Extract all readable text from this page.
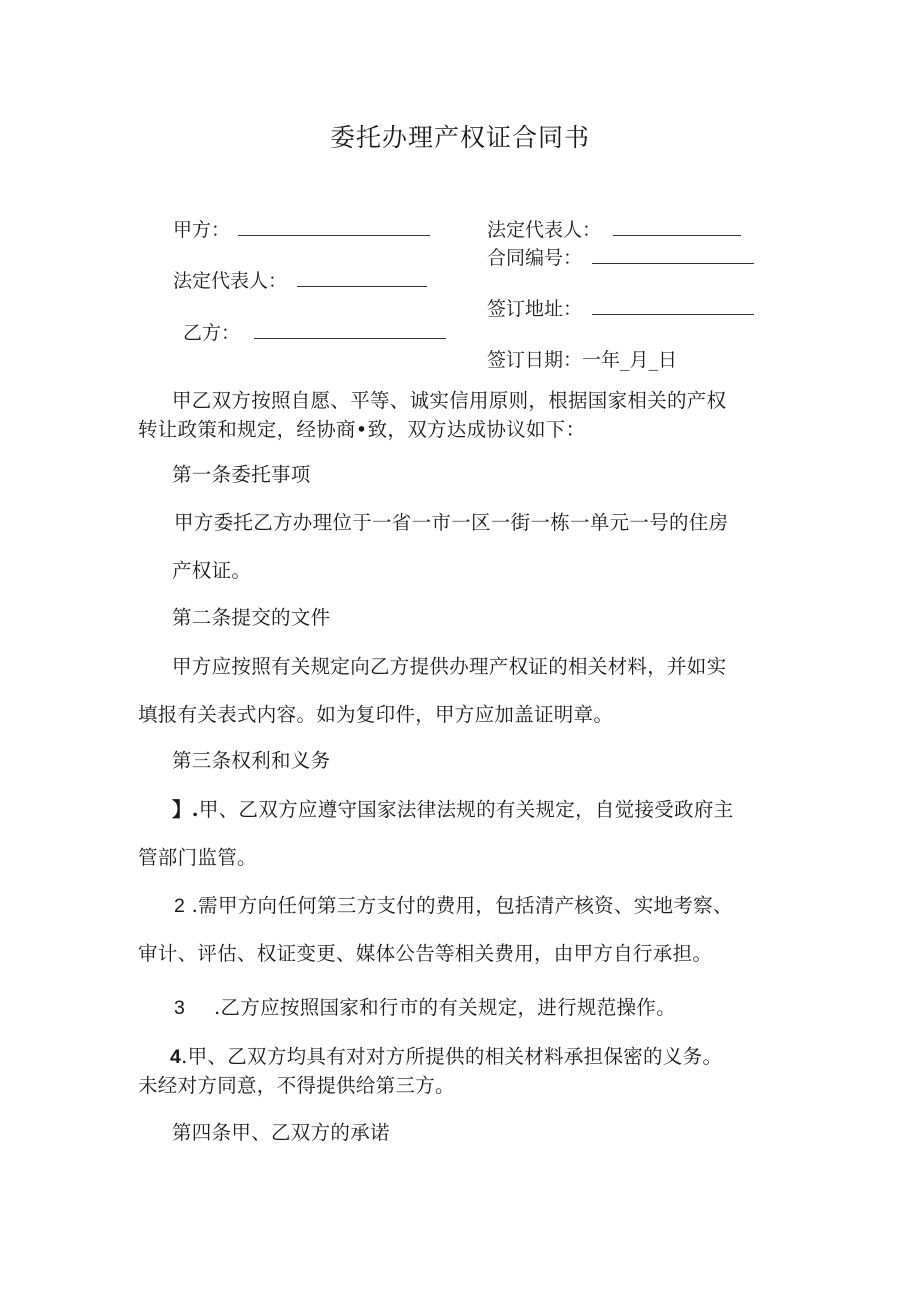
委托办理产权证合同书
甲方：
法定代表人：
乙方：
法定代表人：
合同编号：
签订地址：
签订日期：一年_月_日
甲乙双方按照自愿、平等、诚实信用原则，根据国家相关的产权
转让政策和规定，经协商•致，双方达成协议如下：
第一条委托事项
甲方委托乙方办理位于一省一市一区一街一栋一单元一号的住房
产权证。
第二条提交的文件
甲方应按照有关规定向乙方提供办理产权证的相关材料，并如实
填报有关表式内容。如为复印件，甲方应加盖证明章。
第三条权利和义务
】.甲、乙双方应遵守国家法律法规的有关规定，自觉接受政府主
管部门监管。
2 .需甲方向任何第三方支付的费用，包括清产核资、实地考察、
审计、评估、权证变更、媒体公告等相关费用，由甲方自行承担。
3 .乙方应按照国家和行市的有关规定，进行规范操作。
4.甲、乙双方均具有对对方所提供的相关材料承担保密的义务。
未经对方同意，不得提供给第三方。
第四条甲、乙双方的承诺
